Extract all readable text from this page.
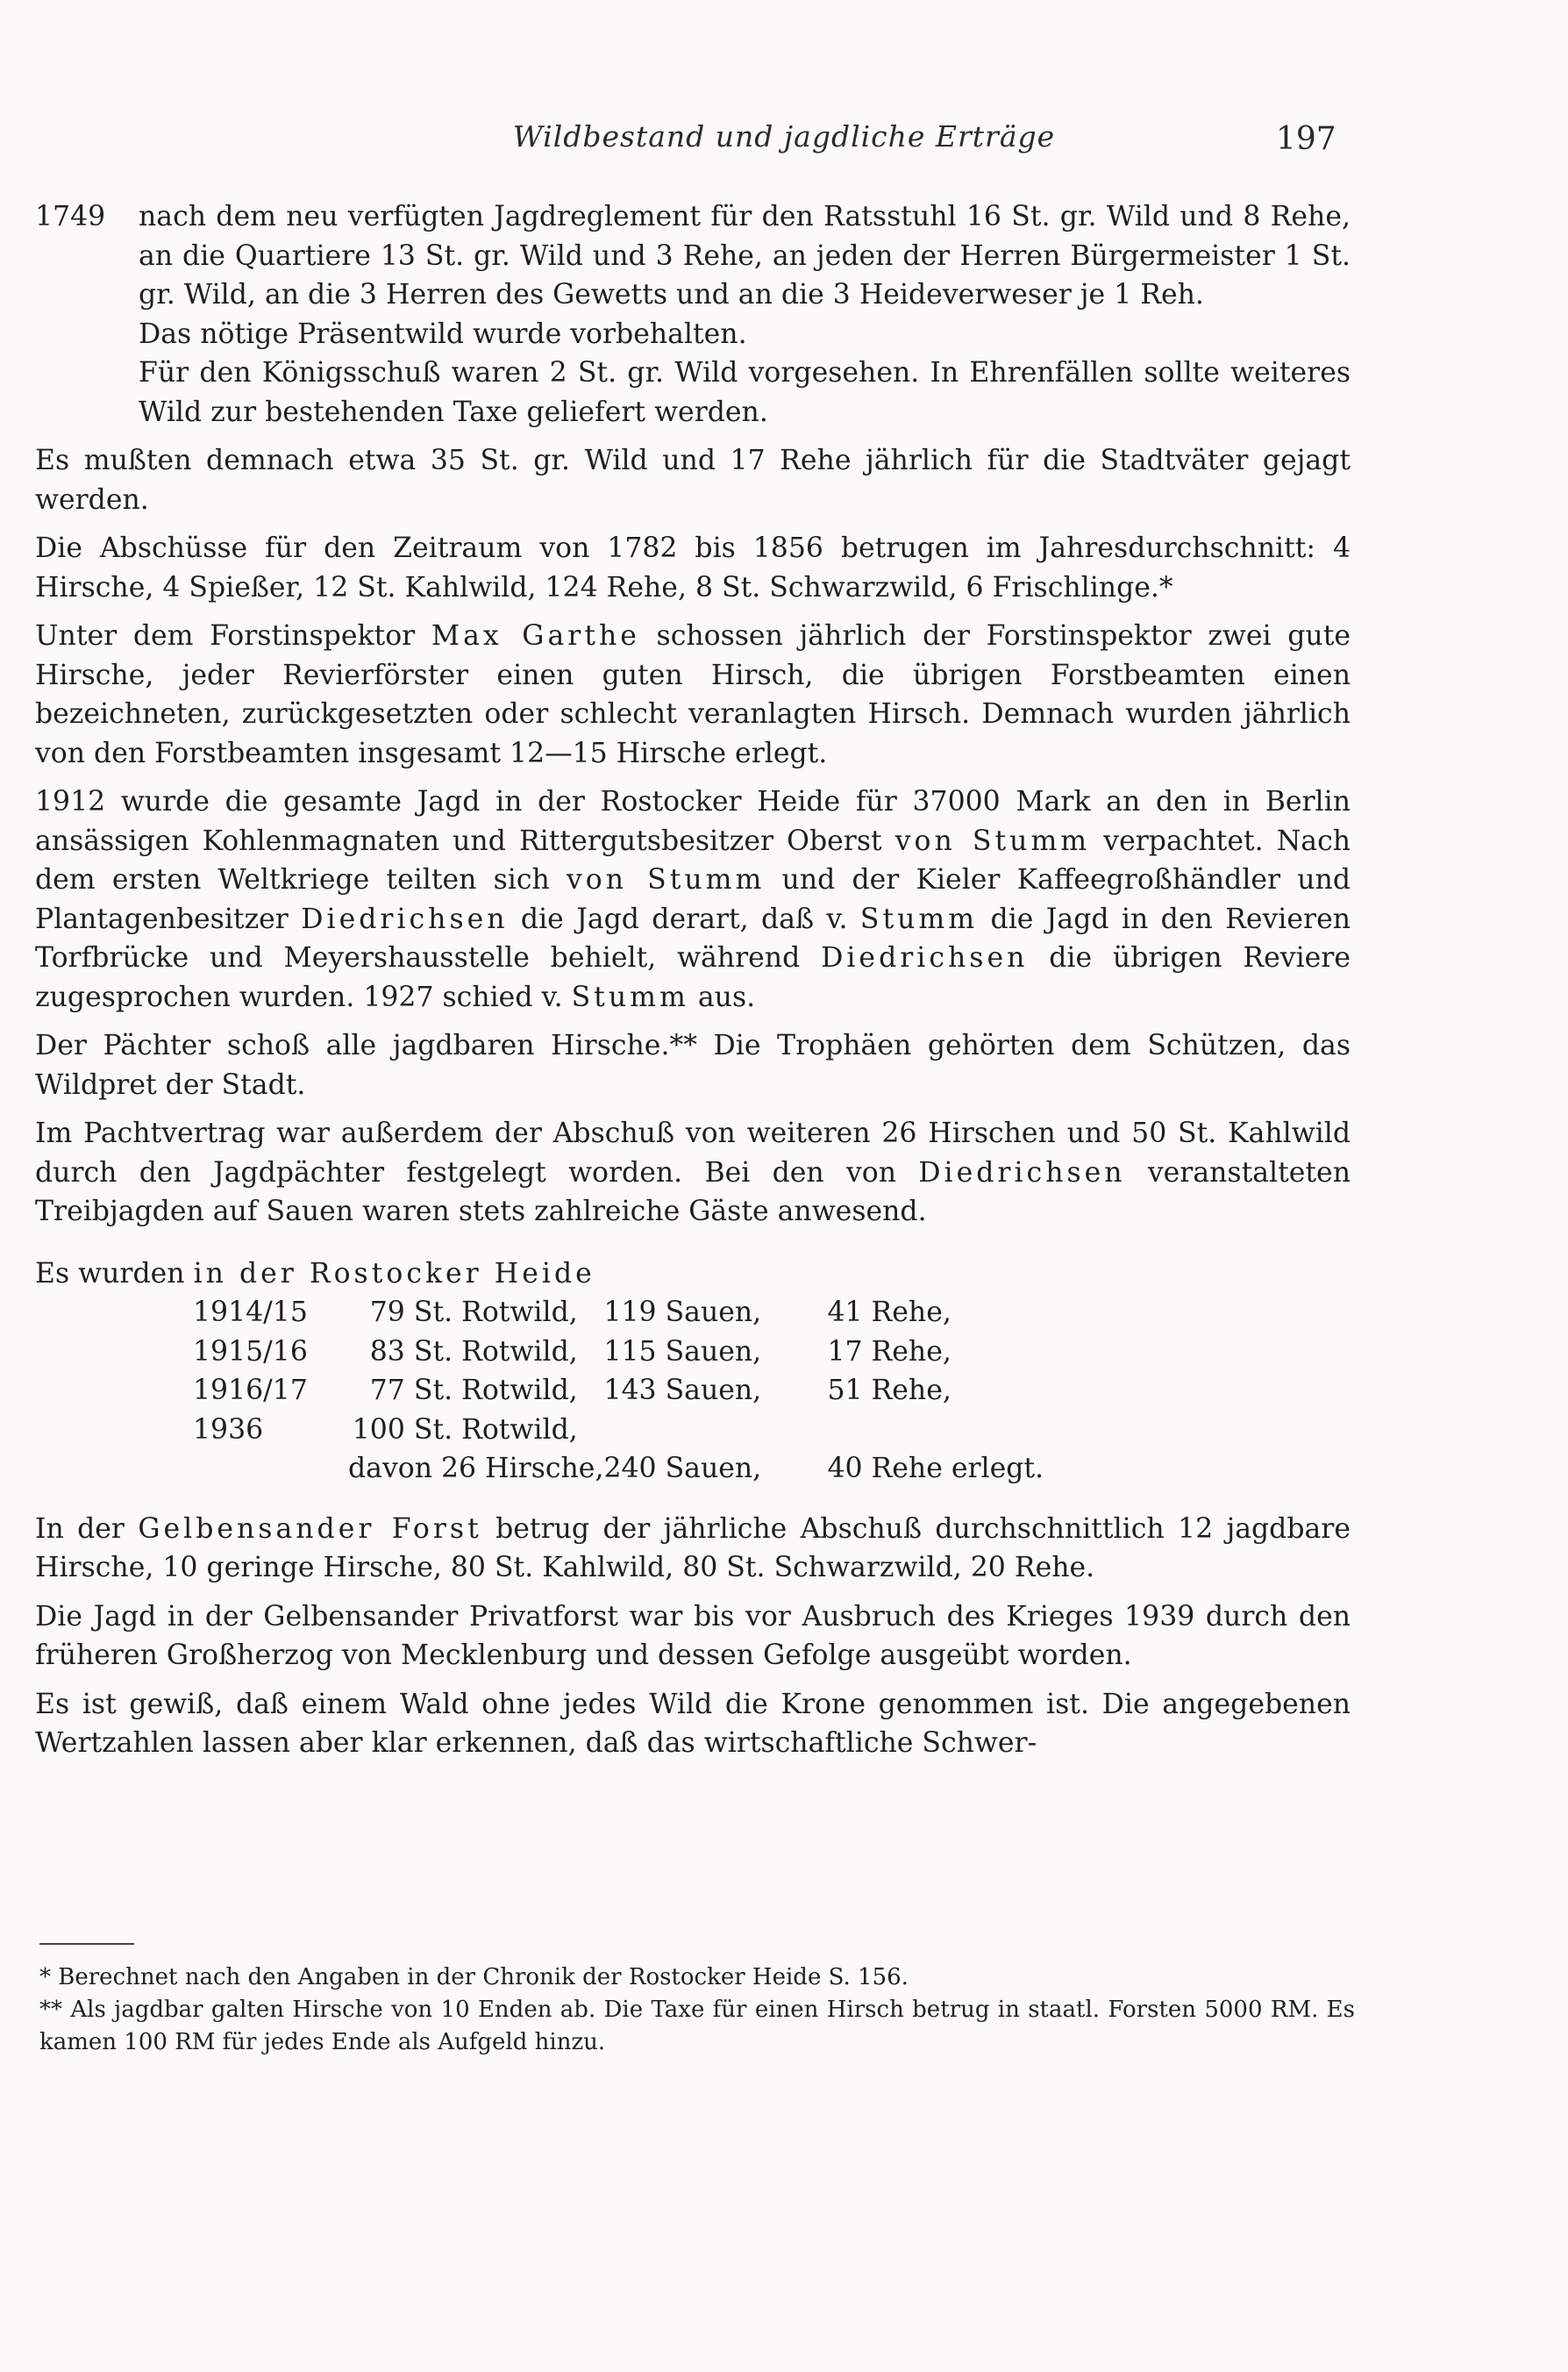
Wildbestand und jagdliche Erträge	197
1749	nach dem neu verfügten Jagdreglement für den Ratsstuhl 16 St. gr. Wild und 8 Rehe, an die Quartiere 13 St. gr. Wild und 3 Rehe, an jeden der Herren Bürgermeister 1 St. gr. Wild, an die 3 Herren des Gewetts und an die 3 Heideverweser je 1 Reh.
Das nötige Präsentwild wurde vorbehalten.
Für den Königsschuß waren 2 St. gr. Wild vorgesehen. In Ehrenfällen sollte weiteres Wild zur bestehenden Taxe geliefert werden.

Es mußten demnach etwa 35 St. gr. Wild und 17 Rehe jährlich für die Stadtväter gejagt werden.

Die Abschüsse für den Zeitraum von 1782 bis 1856 betrugen im Jahresdurchschnitt: 4 Hirsche, 4 Spießer, 12 St. Kahlwild, 124 Rehe, 8 St. Schwarzwild, 6 Frischlinge.*

Unter dem Forstinspektor Max Garthe schossen jährlich der Forstinspektor zwei gute Hirsche, jeder Revierförster einen guten Hirsch, die übrigen Forstbeamten einen bezeichneten, zurückgesetzten oder schlecht veranlagten Hirsch. Demnach wurden jährlich von den Forstbeamten insgesamt 12—15 Hirsche erlegt.

1912 wurde die gesamte Jagd in der Rostocker Heide für 37000 Mark an den in Berlin ansässigen Kohlenmagnaten und Rittergutsbesitzer Oberst von Stumm verpachtet. Nach dem ersten Weltkriege teilten sich von Stumm und der Kieler Kaffeegroßhändler und Plantagenbesitzer Diedrichsen die Jagd derart, daß v. Stumm die Jagd in den Revieren Torfbrücke und Meyershausstelle behielt, während Diedrichsen die übrigen Reviere zugesprochen wurden. 1927 schied v. Stumm aus.

Der Pächter schoß alle jagdbaren Hirsche.** Die Trophäen gehörten dem Schützen, das Wildpret der Stadt.

Im Pachtvertrag war außerdem der Abschuß von weiteren 26 Hirschen und 50 St. Kahlwild durch den Jagdpächter festgelegt worden. Bei den von Diedrichsen veranstalteten Treibjagden auf Sauen waren stets zahlreiche Gäste anwesend.

Es wurden in der Rostocker Heide
1914/15	79	St. Rotwild,	119 Sauen,	41 Rehe,
1915/16	83	St. Rotwild,	115 Sauen,	17 Rehe,
1916/17	77	St. Rotwild,	143 Sauen,	51 Rehe,
1936	100	St. Rotwild,		
	davon 26 Hirsche,		240 Sauen,	40 Rehe erlegt.

In der Gelbensander Forst betrug der jährliche Abschuß durchschnittlich 12 jagdbare Hirsche, 10 geringe Hirsche, 80 St. Kahlwild, 80 St. Schwarzwild, 20 Rehe.

Die Jagd in der Gelbensander Privatforst war bis vor Ausbruch des Krieges 1939 durch den früheren Großherzog von Mecklenburg und dessen Gefolge ausgeübt worden.

Es ist gewiß, daß einem Wald ohne jedes Wild die Krone genommen ist. Die angegebenen Wertzahlen lassen aber klar erkennen, daß das wirtschaftliche Schwer-

* Berechnet nach den Angaben in der Chronik der Rostocker Heide S. 156.

** Als jagdbar galten Hirsche von 10 Enden ab. Die Taxe für einen Hirsch betrug in staatl. Forsten 5000 RM. Es kamen 100 RM für jedes Ende als Aufgeld hinzu.
